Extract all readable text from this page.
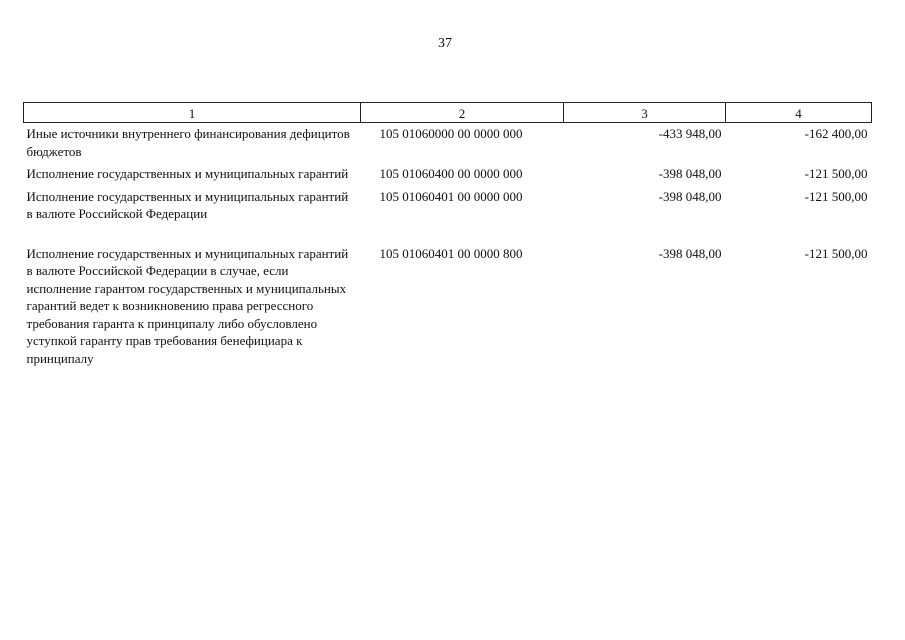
37
1	2	3	4
Иные источники внутреннего финансирования дефицитов бюджетов	105 01060000 00 0000 000	-433 948,00	-162 400,00
Исполнение государственных и муниципальных гарантий	105 01060400 00 0000 000	-398 048,00	-121 500,00
Исполнение государственных и муниципальных гарантий в валюте Российской Федерации	105 01060401 00 0000 000	-398 048,00	-121 500,00
Исполнение государственных и муниципальных гарантий в валюте Российской Федерации в случае, если исполнение гарантом государственных и муниципальных гарантий ведет к возникновению права регрессного требования гаранта к принципалу либо обусловлено уступкой гаранту прав требования бенефициара к принципалу	105 01060401 00 0000 800	-398 048,00	-121 500,00
